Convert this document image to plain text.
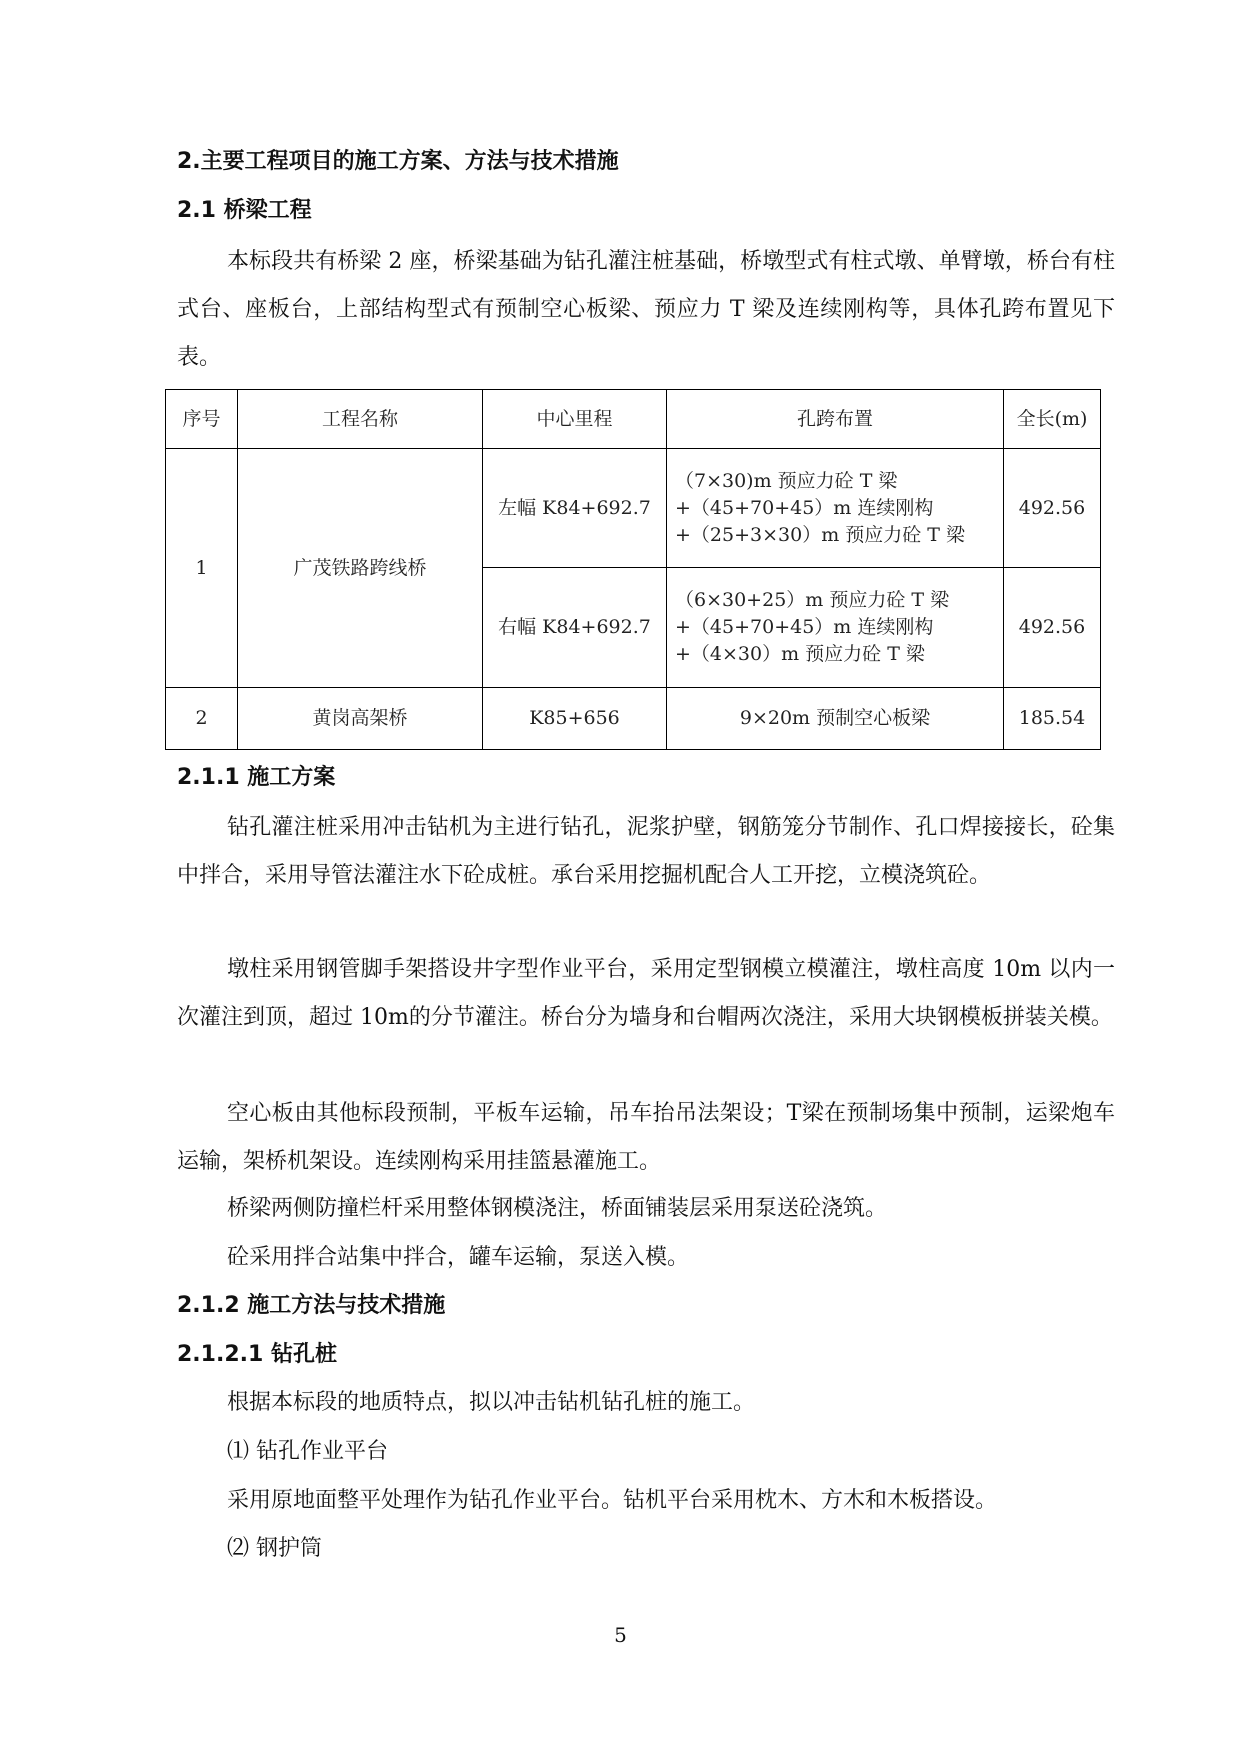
2.主要工程项目的施工方案、方法与技术措施
2.1 桥梁工程

本标段共有桥梁 2 座，桥梁基础为钻孔灌注桩基础，桥墩型式有柱式墩、单臂墩，桥台有柱式台、座板台，上部结构型式有预制空心板梁、预应力 T 梁及连续刚构等，具体孔跨布置见下表。

序号	工程名称	中心里程	孔跨布置	全长(m)
1	广茂铁路跨线桥	左幅 K84+692.7	（7×30)m 预应力砼 T 梁+（45+70+45）m 连续刚构+（25+3×30）m 预应力砼 T 梁	492.56
		右幅 K84+692.7	（6×30+25）m 预应力砼 T 梁+（45+70+45）m 连续刚构+（4×30）m 预应力砼 T 梁	492.56
2	黄岗高架桥	K85+656	9×20m 预制空心板梁	185.54
2.1.1 施工方案

钻孔灌注桩采用冲击钻机为主进行钻孔，泥浆护壁，钢筋笼分节制作、孔口焊接接长，砼集中拌合，采用导管法灌注水下砼成桩。承台采用挖掘机配合人工开挖，立模浇筑砼。

墩柱采用钢管脚手架搭设井字型作业平台，采用定型钢模立模灌注，墩柱高度 10m 以内一次灌注到顶，超过 10m的分节灌注。桥台分为墙身和台帽两次浇注，采用大块钢模板拼装关模。

空心板由其他标段预制，平板车运输，吊车抬吊法架设；T梁在预制场集中预制，运梁炮车运输，架桥机架设。连续刚构采用挂篮悬灌施工。

桥梁两侧防撞栏杆采用整体钢模浇注，桥面铺装层采用泵送砼浇筑。

砼采用拌合站集中拌合，罐车运输，泵送入模。

2.1.2 施工方法与技术措施
2.1.2.1 钻孔桩

根据本标段的地质特点，拟以冲击钻机钻孔桩的施工。

⑴ 钻孔作业平台

采用原地面整平处理作为钻孔作业平台。钻机平台采用枕木、方木和木板搭设。

⑵ 钢护筒

5
